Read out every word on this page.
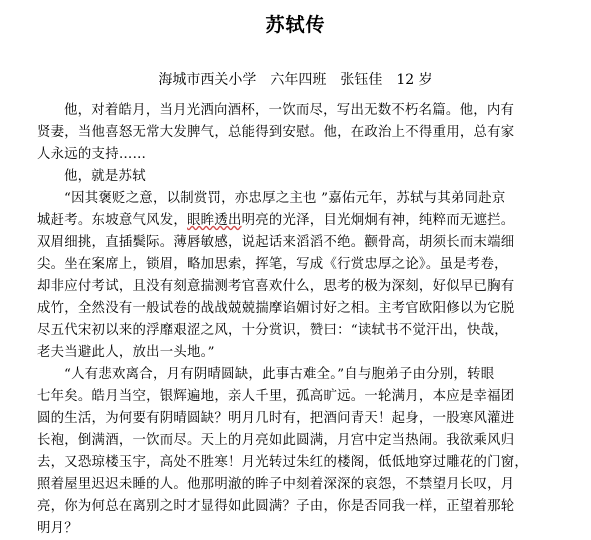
苏轼传
海城市西关小学　六年四班　张钰佳　12 岁
他，对着皓月，当月光洒向酒杯，一饮而尽，写出无数不朽名篇。他，内有
贤妻，当他喜怒无常大发脾气，总能得到安慰。他，在政治上不得重用，总有家
人永远的支持……
他，就是苏轼
“因其褒贬之意，以制赏罚，亦忠厚之主也 ”嘉佑元年，苏轼与其弟同赴京
城赶考。东坡意气风发，眼眸透出明亮的光泽，目光炯炯有神，纯粹而无遮拦。
双眉细挑，直插鬓际。薄唇敏感，说起话来滔滔不绝。颧骨高，胡须长而末端细
尖。坐在案席上，锁眉，略加思索，挥笔，写成《行赏忠厚之论》。虽是考卷，
却非应付考试，且没有刻意揣测考官喜欢什么，思考的极为深刻，好似早已胸有
成竹，全然没有一般试卷的战战兢兢揣摩谄媚讨好之相。主考官欧阳修以为它脱
尽五代宋初以来的浮靡艰涩之风，十分赏识，赞曰：“读轼书不觉汗出，快哉，
老夫当避此人，放出一头地。”
“人有悲欢离合，月有阴晴圆缺，此事古难全。”自与胞弟子由分别，转眼
七年矣。皓月当空，银辉遍地，亲人千里，孤高旷远。一轮满月，本应是幸福团
圆的生活，为何要有阴晴圆缺？明月几时有，把酒问青天！起身，一股寒风灌进
长袍，倒满酒，一饮而尽。天上的月亮如此圆满，月宫中定当热闹。我欲乘风归
去，又恐琼楼玉宇，高处不胜寒！月光转过朱红的楼阁，低低地穿过雕花的门窗，
照着屋里迟迟未睡的人。他那明澈的眸子中刻着深深的哀怨，不禁望月长叹，月
亮，你为何总在离别之时才显得如此圆满？子由，你是否同我一样，正望着那轮
明月？
